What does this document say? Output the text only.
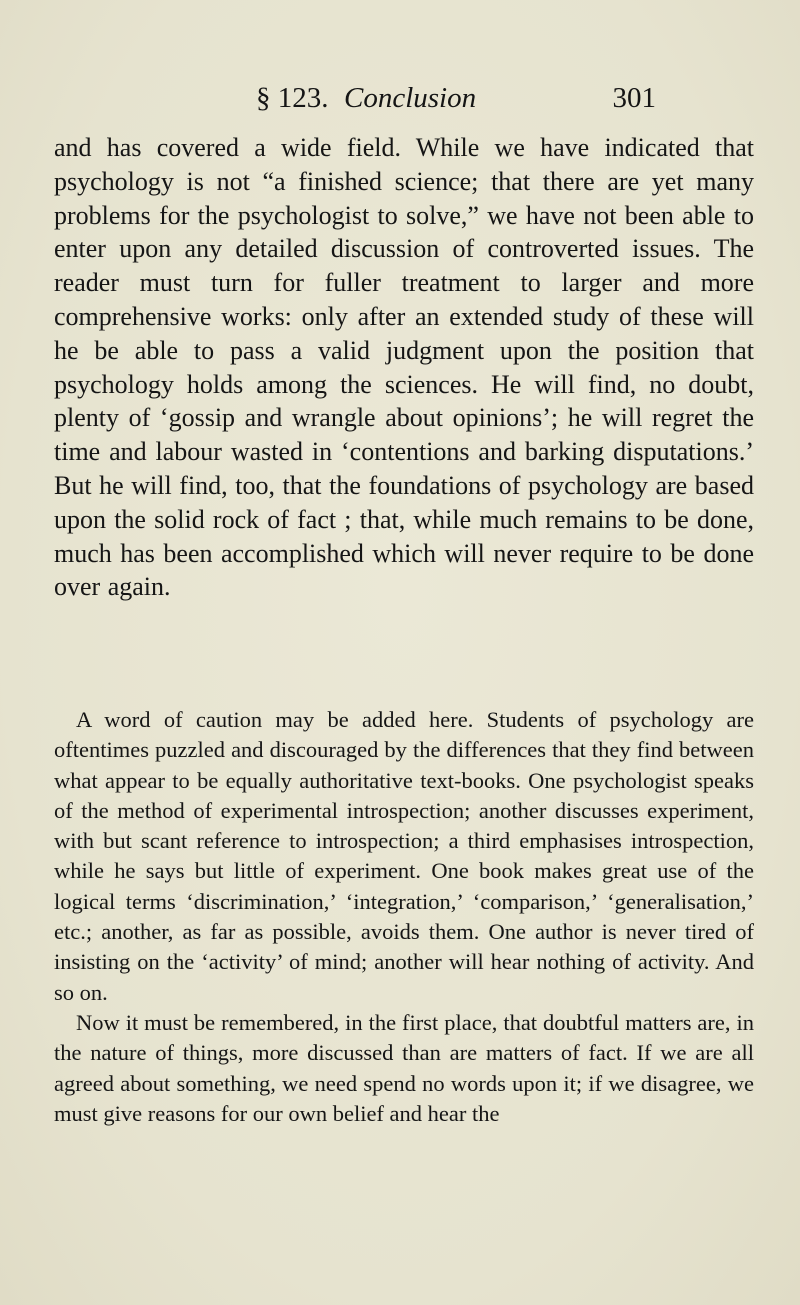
§ 123. Conclusion	301

and has covered a wide field. While we have indicated that psychology is not “a finished science; that there are yet many problems for the psychologist to solve,” we have not been able to enter upon any detailed discussion of controverted issues. The reader must turn for fuller treatment to larger and more comprehensive works: only after an extended study of these will he be able to pass a valid judgment upon the position that psychology holds among the sciences. He will find, no doubt, plenty of ‘gossip and wrangle about opinions’; he will regret the time and labour wasted in ‘contentions and barking disputations.’ But he will find, too, that the foundations of psychology are based upon the solid rock of fact ; that, while much remains to be done, much has been accomplished which will never require to be done over again.

A word of caution may be added here. Students of psychology are oftentimes puzzled and discouraged by the differences that they find between what appear to be equally authoritative text-books. One psychologist speaks of the method of experimental introspection; another discusses experiment, with but scant reference to introspection; a third emphasises introspection, while he says but little of experiment. One book makes great use of the logical terms ‘discrimination,’ ‘integration,’ ‘comparison,’ ‘generalisation,’ etc.; another, as far as possible, avoids them. One author is never tired of insisting on the ‘activity’ of mind; another will hear nothing of activity. And so on.

Now it must be remembered, in the first place, that doubtful matters are, in the nature of things, more discussed than are matters of fact. If we are all agreed about something, we need spend no words upon it; if we disagree, we must give reasons for our own belief and hear the
